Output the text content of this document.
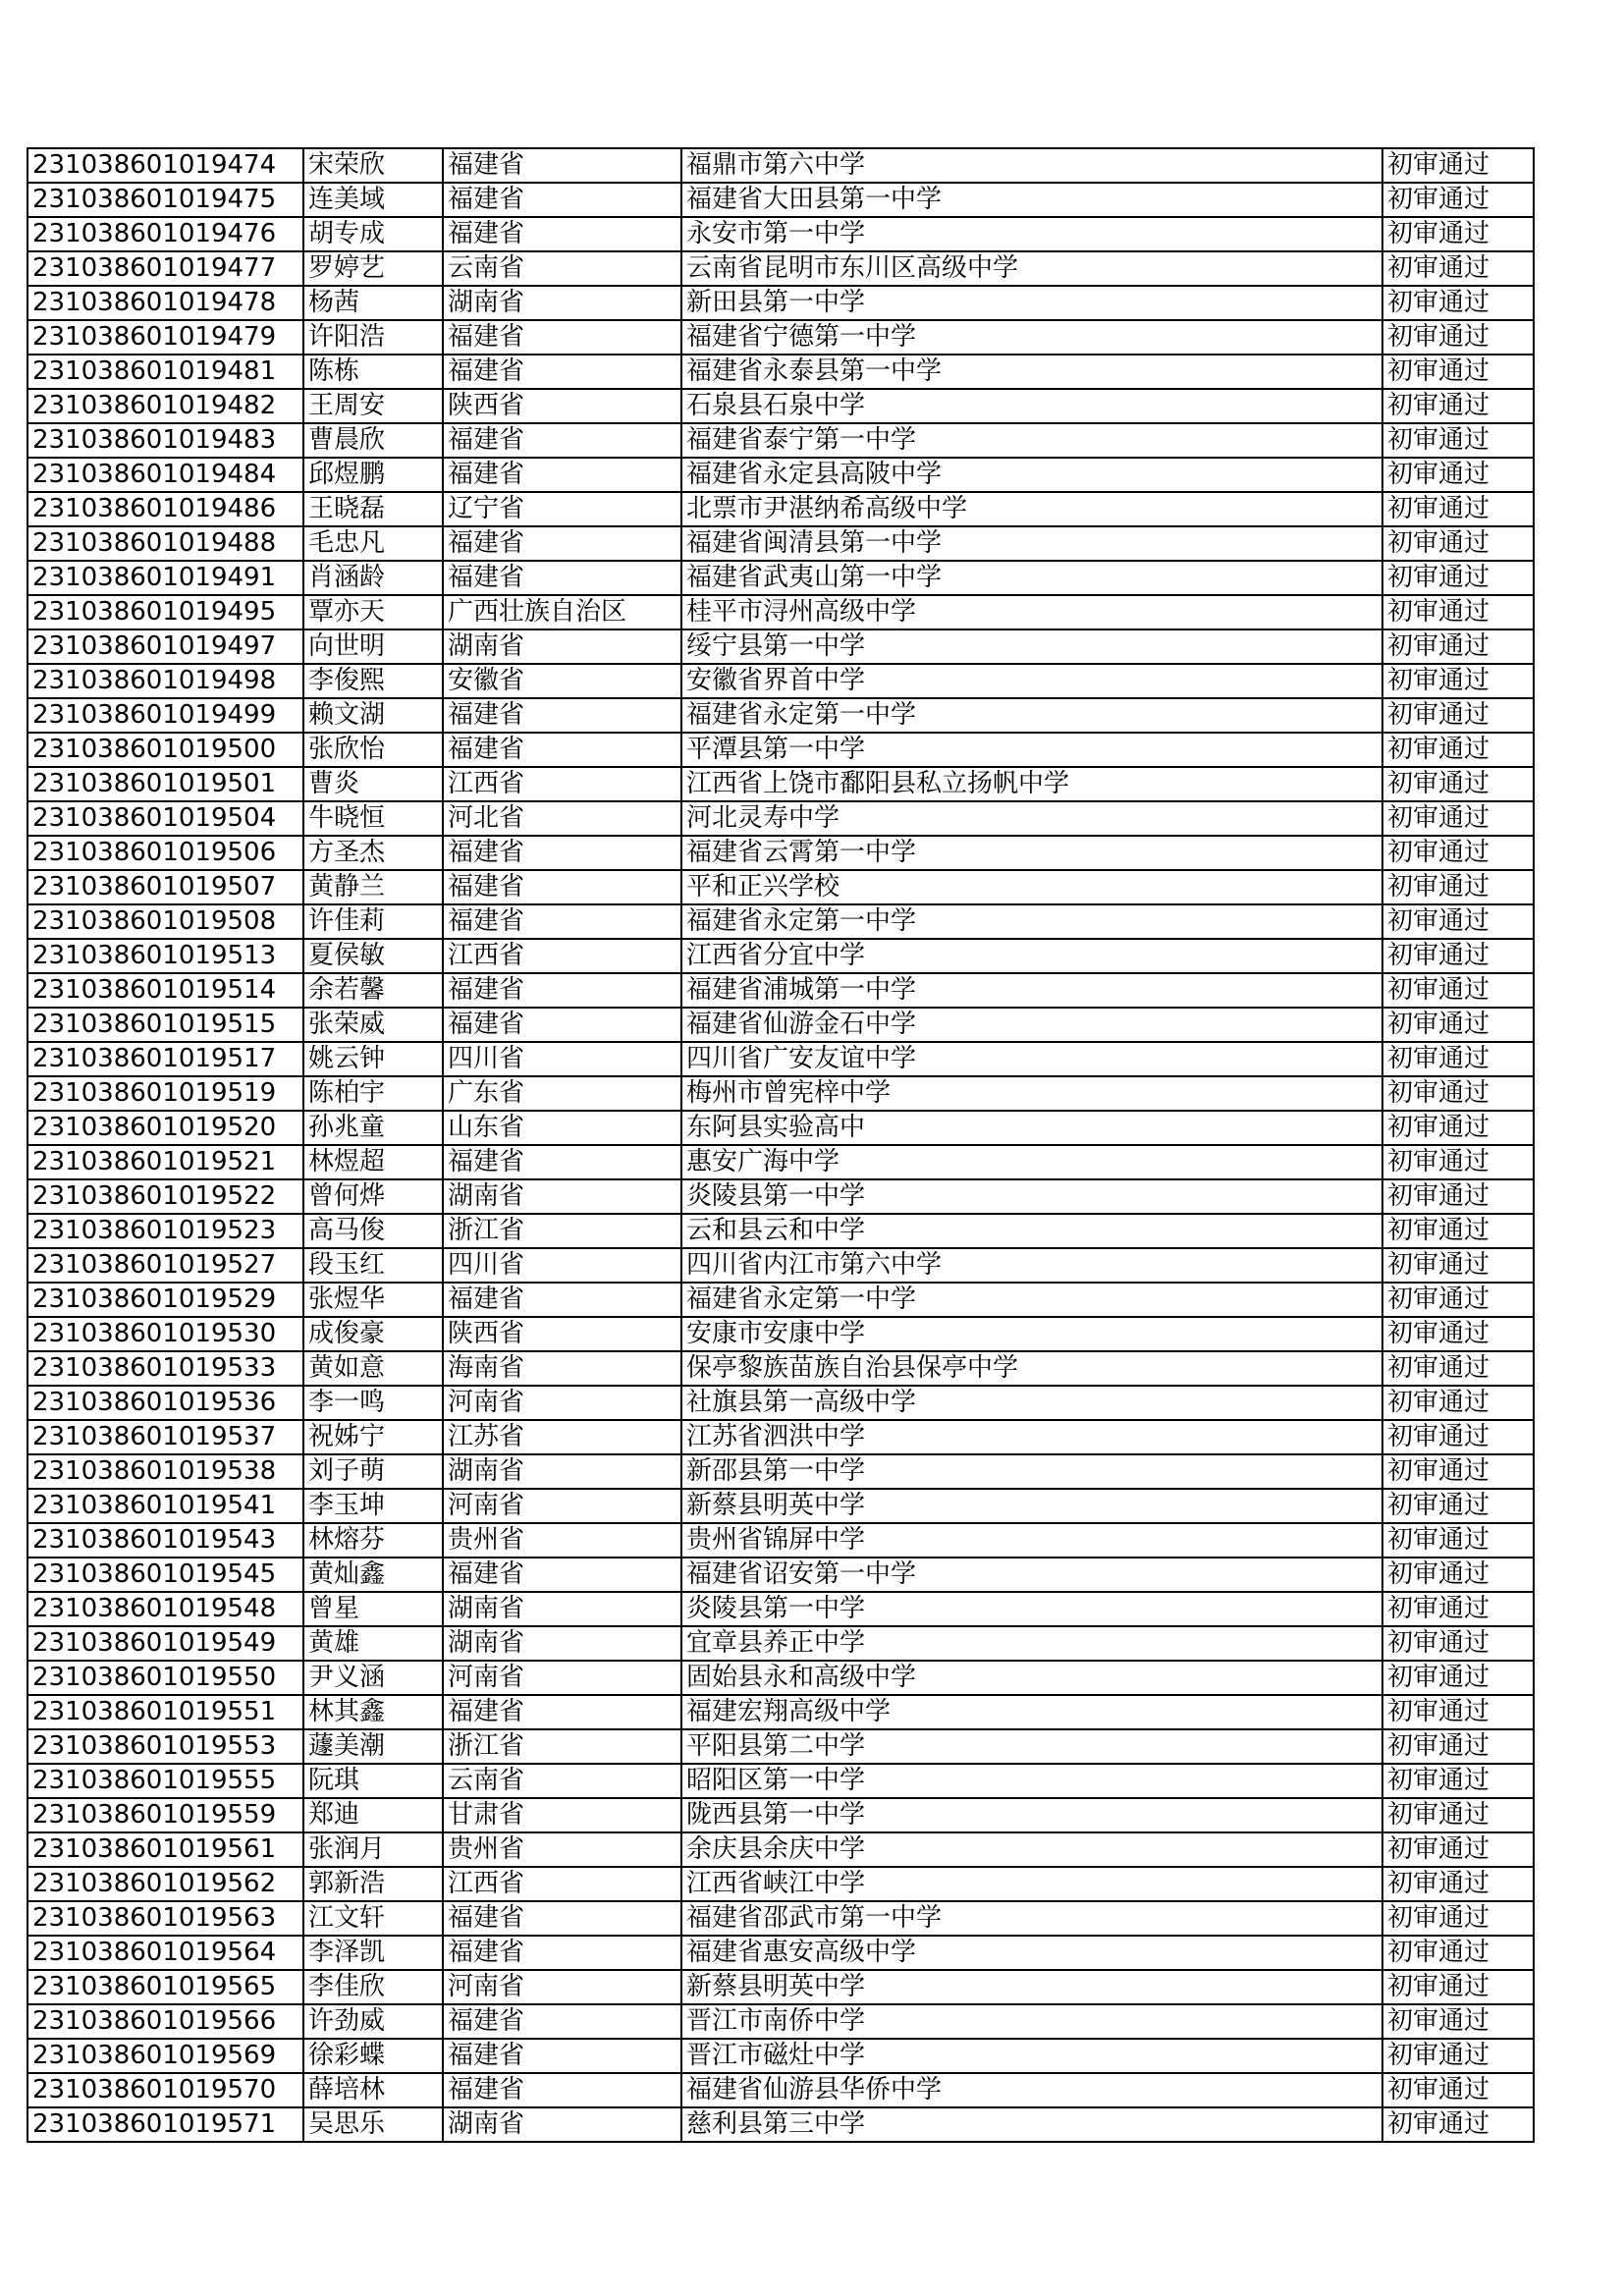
231038601019474	宋荣欣	福建省	福鼎市第六中学	初审通过
231038601019475	连美域	福建省	福建省大田县第一中学	初审通过
231038601019476	胡专成	福建省	永安市第一中学	初审通过
231038601019477	罗婷艺	云南省	云南省昆明市东川区高级中学	初审通过
231038601019478	杨茜	湖南省	新田县第一中学	初审通过
231038601019479	许阳浩	福建省	福建省宁德第一中学	初审通过
231038601019481	陈栋	福建省	福建省永泰县第一中学	初审通过
231038601019482	王周安	陕西省	石泉县石泉中学	初审通过
231038601019483	曹晨欣	福建省	福建省泰宁第一中学	初审通过
231038601019484	邱煜鹏	福建省	福建省永定县高陂中学	初审通过
231038601019486	王晓磊	辽宁省	北票市尹湛纳希高级中学	初审通过
231038601019488	毛忠凡	福建省	福建省闽清县第一中学	初审通过
231038601019491	肖涵龄	福建省	福建省武夷山第一中学	初审通过
231038601019495	覃亦天	广西壮族自治区	桂平市浔州高级中学	初审通过
231038601019497	向世明	湖南省	绥宁县第一中学	初审通过
231038601019498	李俊熙	安徽省	安徽省界首中学	初审通过
231038601019499	赖文湖	福建省	福建省永定第一中学	初审通过
231038601019500	张欣怡	福建省	平潭县第一中学	初审通过
231038601019501	曹炎	江西省	江西省上饶市鄱阳县私立扬帆中学	初审通过
231038601019504	牛晓恒	河北省	河北灵寿中学	初审通过
231038601019506	方圣杰	福建省	福建省云霄第一中学	初审通过
231038601019507	黄静兰	福建省	平和正兴学校	初审通过
231038601019508	许佳莉	福建省	福建省永定第一中学	初审通过
231038601019513	夏侯敏	江西省	江西省分宜中学	初审通过
231038601019514	余若馨	福建省	福建省浦城第一中学	初审通过
231038601019515	张荣威	福建省	福建省仙游金石中学	初审通过
231038601019517	姚云钟	四川省	四川省广安友谊中学	初审通过
231038601019519	陈柏宇	广东省	梅州市曾宪梓中学	初审通过
231038601019520	孙兆童	山东省	东阿县实验高中	初审通过
231038601019521	林煜超	福建省	惠安广海中学	初审通过
231038601019522	曾何烨	湖南省	炎陵县第一中学	初审通过
231038601019523	高马俊	浙江省	云和县云和中学	初审通过
231038601019527	段玉红	四川省	四川省内江市第六中学	初审通过
231038601019529	张煜华	福建省	福建省永定第一中学	初审通过
231038601019530	成俊豪	陕西省	安康市安康中学	初审通过
231038601019533	黄如意	海南省	保亭黎族苗族自治县保亭中学	初审通过
231038601019536	李一鸣	河南省	社旗县第一高级中学	初审通过
231038601019537	祝姊宁	江苏省	江苏省泗洪中学	初审通过
231038601019538	刘子萌	湖南省	新邵县第一中学	初审通过
231038601019541	李玉坤	河南省	新蔡县明英中学	初审通过
231038601019543	林熔芬	贵州省	贵州省锦屏中学	初审通过
231038601019545	黄灿鑫	福建省	福建省诏安第一中学	初审通过
231038601019548	曾星	湖南省	炎陵县第一中学	初审通过
231038601019549	黄雄	湖南省	宜章县养正中学	初审通过
231038601019550	尹义涵	河南省	固始县永和高级中学	初审通过
231038601019551	林其鑫	福建省	福建宏翔高级中学	初审通过
231038601019553	蘧美潮	浙江省	平阳县第二中学	初审通过
231038601019555	阮琪	云南省	昭阳区第一中学	初审通过
231038601019559	郑迪	甘肃省	陇西县第一中学	初审通过
231038601019561	张润月	贵州省	余庆县余庆中学	初审通过
231038601019562	郭新浩	江西省	江西省峡江中学	初审通过
231038601019563	江文轩	福建省	福建省邵武市第一中学	初审通过
231038601019564	李泽凯	福建省	福建省惠安高级中学	初审通过
231038601019565	李佳欣	河南省	新蔡县明英中学	初审通过
231038601019566	许劲威	福建省	晋江市南侨中学	初审通过
231038601019569	徐彩蝶	福建省	晋江市磁灶中学	初审通过
231038601019570	薛培林	福建省	福建省仙游县华侨中学	初审通过
231038601019571	吴思乐	湖南省	慈利县第三中学	初审通过
